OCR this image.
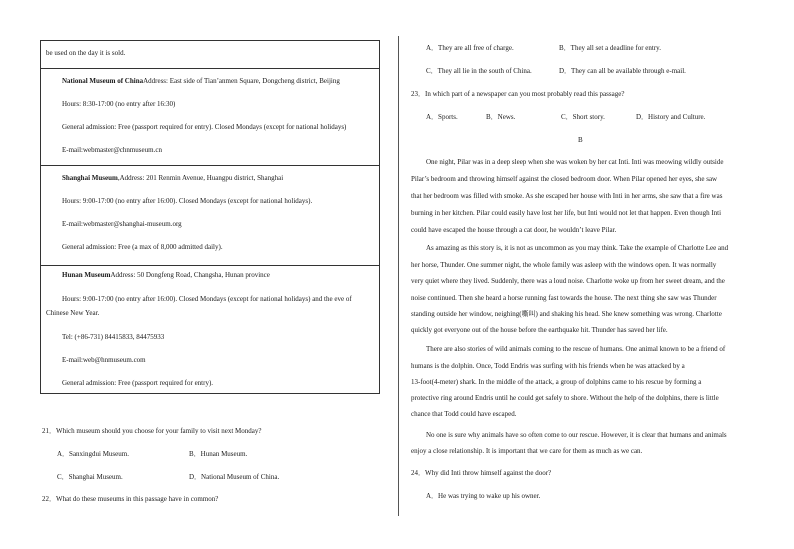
be used on the day it is sold.
National Museum of ChinaAddress: East side of Tian’anmen Square, Dongcheng district, Beijing
Hours: 8:30-17:00 (no entry after 16:30)
General admission: Free (passport required for entry). Closed Mondays (except for national holidays)
E-mail:webmaster@chnmuseum.cn
Shanghai Museum,Address: 201 Renmin Avenue, Huangpu district, Shanghai
Hours: 9:00-17:00 (no entry after 16:00). Closed Mondays (except for national holidays).
E-mail:webmaster@shanghai-museum.org
General admission: Free (a max of 8,000 admitted daily).
Hunan MuseumAddress: 50 Dongfeng Road, Changsha, Hunan province
Hours: 9:00-17:00 (no entry after 16:00). Closed Mondays (except for national holidays) and the eve of
Chinese New Year.
Tel: (+86-731) 84415833, 84475933
E-mail:web@hnmuseum.com
General admission: Free (passport required for entry).
21．Which museum should you choose for your family to visit next Monday?
A．Sanxingdui Museum.	B．Hunan Museum.
C．Shanghai Museum.	D．National Museum of China.
22．What do these museums in this passage have in common?
A．They are all free of charge.	B．They all set a deadline for entry.
C．They all lie in the south of China.	D．They can all be available through e-mail.
23．In which part of a newspaper can you most probably read this passage?
A．Sports.	B．News.	C．Short story.	D．History and Culture.
B
One night, Pilar was in a deep sleep when she was woken by her cat Inti. Inti was meowing wildly outside
Pilar’s bedroom and throwing himself against the closed bedroom door. When Pilar opened her eyes, she saw
that her bedroom was filled with smoke. As she escaped her house with Inti in her arms, she saw that a fire was
burning in her kitchen. Pilar could easily have lost her life, but Inti would not let that happen. Even though Inti
could have escaped the house through a cat door, he wouldn’t leave Pilar.
As amazing as this story is, it is not as uncommon as you may think. Take the example of Charlotte Lee and
her horse, Thunder. One summer night, the whole family was asleep with the windows open. It was normally
very quiet where they lived. Suddenly, there was a loud noise. Charlotte woke up from her sweet dream, and the
noise continued. Then she heard a horse running fast towards the house. The next thing she saw was Thunder
standing outside her window, neighing(嘶叫) and shaking his head. She knew something was wrong. Charlotte
quickly got everyone out of the house before the earthquake hit. Thunder has saved her life.
There are also stories of wild animals coming to the rescue of humans. One animal known to be a friend of
humans is the dolphin. Once, Todd Endris was surfing with his friends when he was attacked by a
13-foot(4-meter) shark. In the middle of the attack, a group of dolphins came to his rescue by forming a
protective ring around Endris until he could get safely to shore. Without the help of the dolphins, there is little
chance that Todd could have escaped.
No one is sure why animals have so often come to our rescue. However, it is clear that humans and animals
enjoy a close relationship. It is important that we care for them as much as we can.
24．Why did Inti throw himself against the door?
A．He was trying to wake up his owner.
